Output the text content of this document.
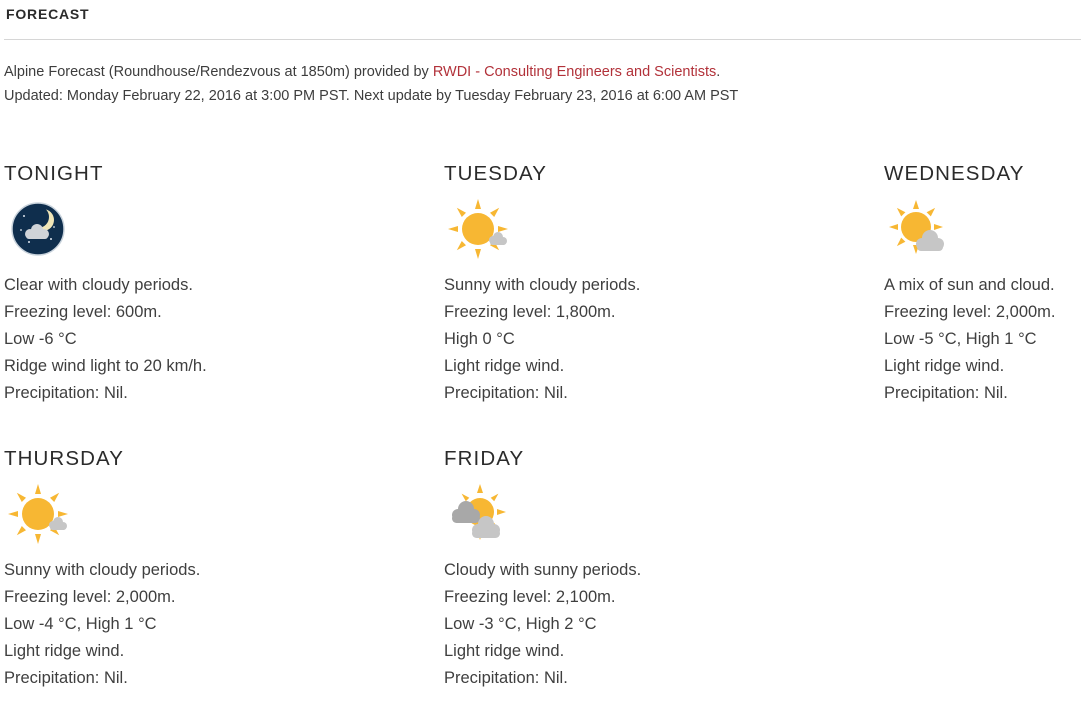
FORECAST

Alpine Forecast (Roundhouse/Rendezvous at 1850m) provided by RWDI - Consulting Engineers and Scientists.

Updated: Monday February 22, 2016 at 3:00 PM PST. Next update by Tuesday February 23, 2016 at 6:00 AM PST

TONIGHT
Clear with cloudy periods.
Freezing level: 600m.
Low -6 °C
Ridge wind light to 20 km/h.
Precipitation: Nil.
TUESDAY
Sunny with cloudy periods.
Freezing level: 1,800m.
High 0 °C
Light ridge wind.
Precipitation: Nil.
WEDNESDAY
A mix of sun and cloud.
Freezing level: 2,000m.
Low -5 °C, High 1 °C
Light ridge wind.
Precipitation: Nil.
THURSDAY
Sunny with cloudy periods.
Freezing level: 2,000m.
Low -4 °C, High 1 °C
Light ridge wind.
Precipitation: Nil.
FRIDAY
Cloudy with sunny periods.
Freezing level: 2,100m.
Low -3 °C, High 2 °C
Light ridge wind.
Precipitation: Nil.
